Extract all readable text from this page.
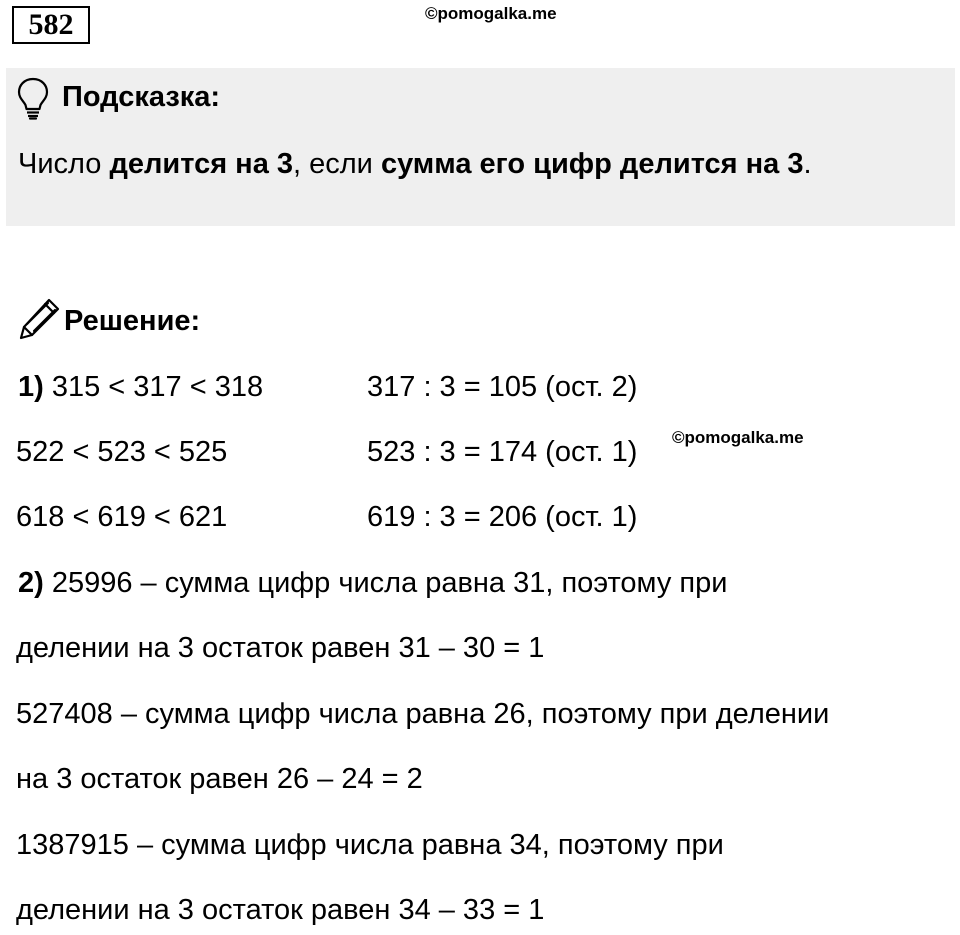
582	©pomogalka.me
Подсказка:
Число делится на 3, если сумма его цифр делится на 3.
Решение:
1) 315 < 317 < 318	317 : 3 = 105 (ост. 2)
522 < 523 < 525	523 : 3 = 174 (ост. 1) ©pomogalka.me
618 < 619 < 621	619 : 3 = 206 (ост. 1)
2) 25996 – сумма цифр числа равна 31, поэтому при
делении на 3 остаток равен 31 – 30 = 1
527408 – сумма цифр числа равна 26, поэтому при делении
на 3 остаток равен 26 – 24 = 2
1387915 – сумма цифр числа равна 34, поэтому при
делении на 3 остаток равен 34 – 33 = 1
